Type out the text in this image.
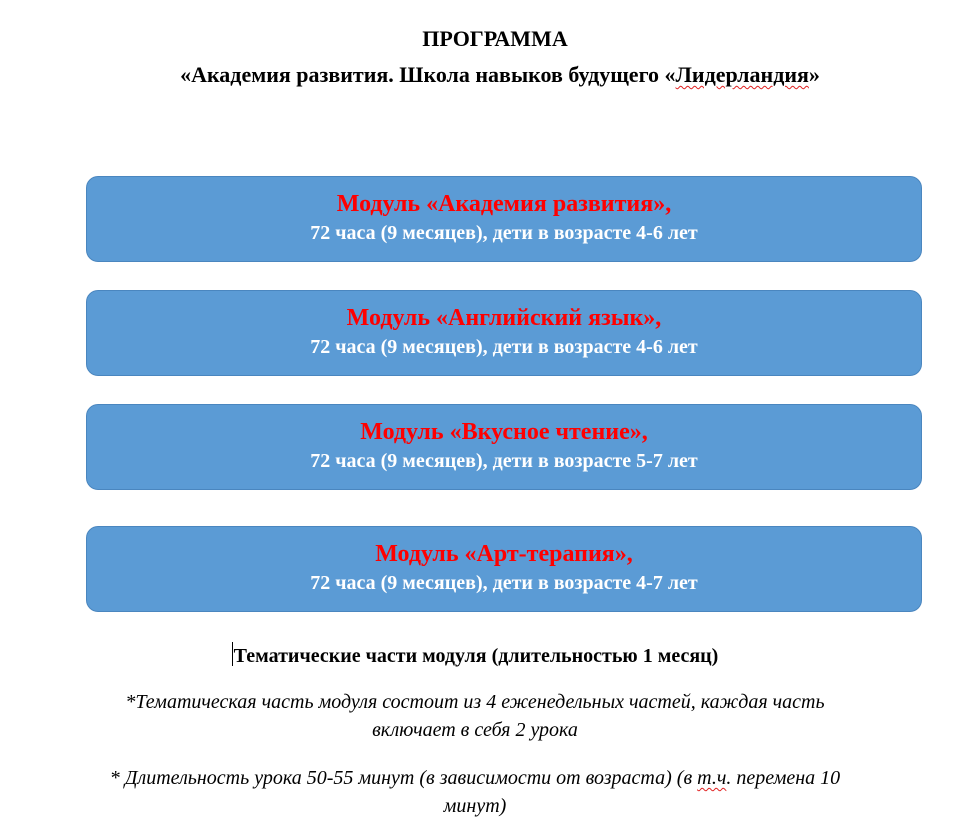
ПРОГРАММА
«Академия развития. Школа навыков будущего «Лидерландия»
Модуль «Академия развития»,
72 часа (9 месяцев), дети в возрасте 4-6 лет
Модуль «Английский язык»,
72 часа (9 месяцев), дети в возрасте 4-6 лет
Модуль «Вкусное чтение»,
72 часа (9 месяцев), дети в возрасте 5-7 лет
Модуль «Арт-терапия»,
72 часа (9 месяцев), дети в возрасте 4-7 лет
Тематические части модуля (длительностью 1 месяц)
*Тематическая часть модуля состоит из 4 еженедельных частей, каждая часть
включает в себя 2 урока
* Длительность урока 50-55 минут (в зависимости от возраста) (в т.ч. перемена 10
минут)
